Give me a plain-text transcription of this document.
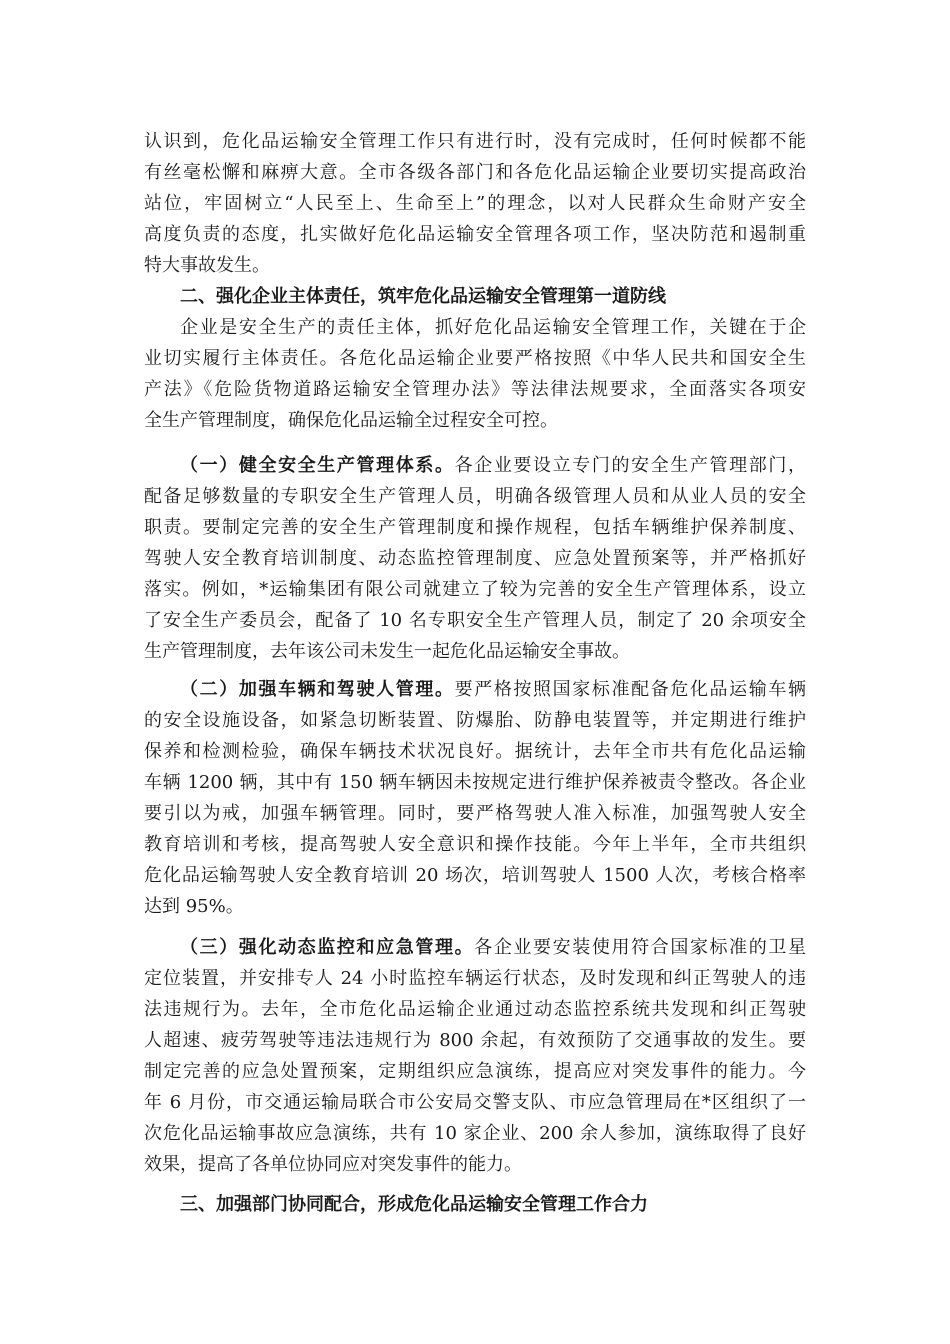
认识到，危化品运输安全管理工作只有进行时，没有完成时，任何时候都不能
有丝毫松懈和麻痹大意。全市各级各部门和各危化品运输企业要切实提高政治
站位，牢固树立“人民至上、生命至上”的理念，以对人民群众生命财产安全
高度负责的态度，扎实做好危化品运输安全管理各项工作，坚决防范和遏制重
特大事故发生。
二、强化企业主体责任，筑牢危化品运输安全管理第一道防线
企业是安全生产的责任主体，抓好危化品运输安全管理工作，关键在于企
业切实履行主体责任。各危化品运输企业要严格按照《中华人民共和国安全生
产法》《危险货物道路运输安全管理办法》等法律法规要求，全面落实各项安
全生产管理制度，确保危化品运输全过程安全可控。
（一）健全安全生产管理体系。各企业要设立专门的安全生产管理部门，
配备足够数量的专职安全生产管理人员，明确各级管理人员和从业人员的安全
职责。要制定完善的安全生产管理制度和操作规程，包括车辆维护保养制度、
驾驶人安全教育培训制度、动态监控管理制度、应急处置预案等，并严格抓好
落实。例如，*运输集团有限公司就建立了较为完善的安全生产管理体系，设立
了安全生产委员会，配备了 10 名专职安全生产管理人员，制定了 20 余项安全
生产管理制度，去年该公司未发生一起危化品运输安全事故。
（二）加强车辆和驾驶人管理。要严格按照国家标准配备危化品运输车辆
的安全设施设备，如紧急切断装置、防爆胎、防静电装置等，并定期进行维护
保养和检测检验，确保车辆技术状况良好。据统计，去年全市共有危化品运输
车辆 1200 辆，其中有 150 辆车辆因未按规定进行维护保养被责令整改。各企业
要引以为戒，加强车辆管理。同时，要严格驾驶人准入标准，加强驾驶人安全
教育培训和考核，提高驾驶人安全意识和操作技能。今年上半年，全市共组织
危化品运输驾驶人安全教育培训 20 场次，培训驾驶人 1500 人次，考核合格率
达到 95%。
（三）强化动态监控和应急管理。各企业要安装使用符合国家标准的卫星
定位装置，并安排专人 24 小时监控车辆运行状态，及时发现和纠正驾驶人的违
法违规行为。去年，全市危化品运输企业通过动态监控系统共发现和纠正驾驶
人超速、疲劳驾驶等违法违规行为 800 余起，有效预防了交通事故的发生。要
制定完善的应急处置预案，定期组织应急演练，提高应对突发事件的能力。今
年 6 月份，市交通运输局联合市公安局交警支队、市应急管理局在*区组织了一
次危化品运输事故应急演练，共有 10 家企业、200 余人参加，演练取得了良好
效果，提高了各单位协同应对突发事件的能力。
三、加强部门协同配合，形成危化品运输安全管理工作合力
